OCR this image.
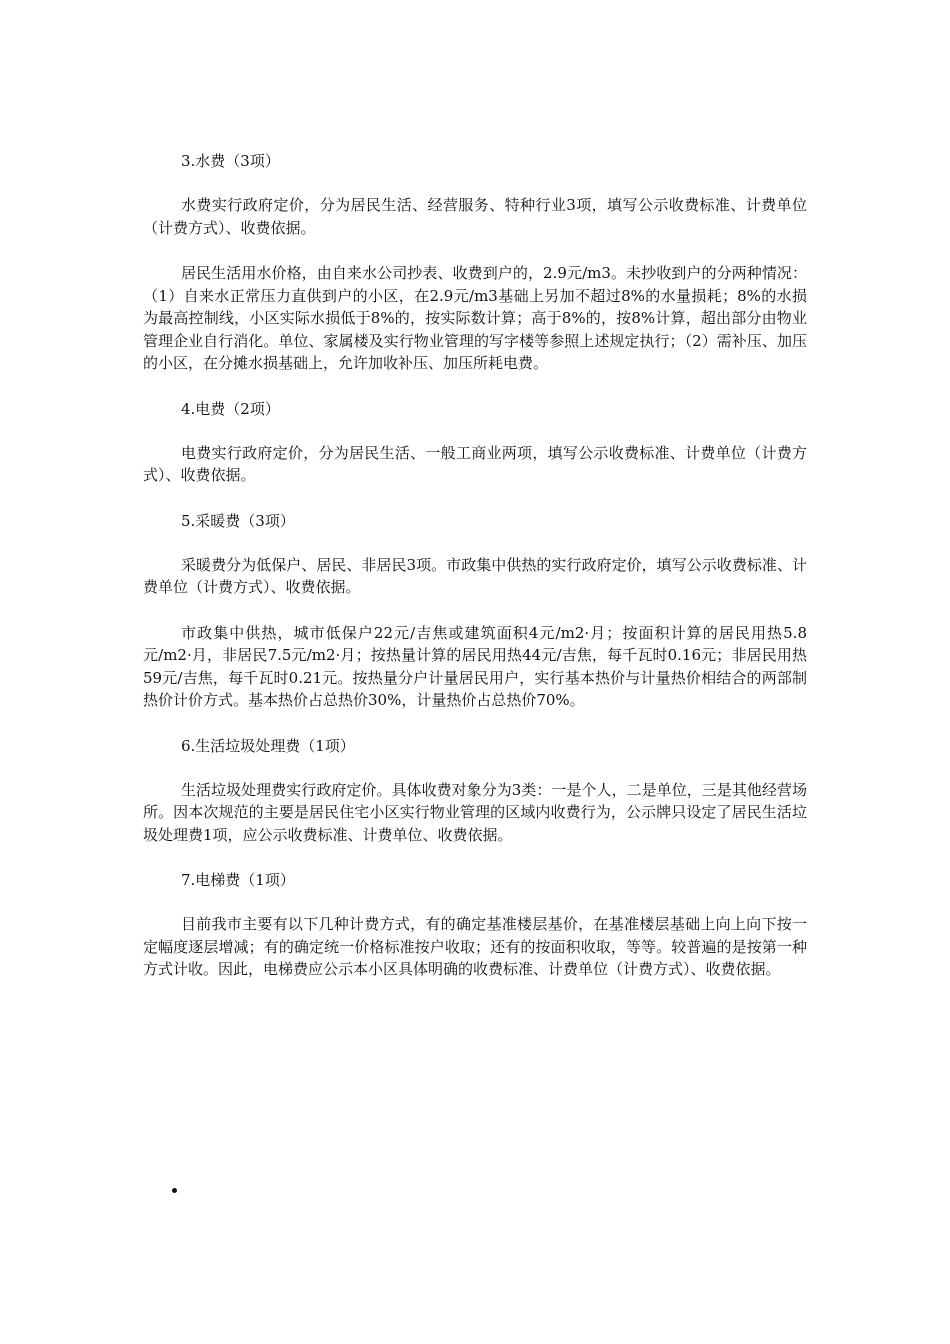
3.水费（3项）

水费实行政府定价，分为居民生活、经营服务、特种行业3项，填写公示收费标准、计费单位（计费方式）、收费依据。

居民生活用水价格，由自来水公司抄表、收费到户的，2.9元/m3。未抄收到户的分两种情况：（1）自来水正常压力直供到户的小区，在2.9元/m3基础上另加不超过8%的水量损耗；8%的水损为最高控制线，小区实际水损低于8%的，按实际数计算；高于8%的，按8%计算，超出部分由物业管理企业自行消化。单位、家属楼及实行物业管理的写字楼等参照上述规定执行；（2）需补压、加压的小区，在分摊水损基础上，允许加收补压、加压所耗电费。

4.电费（2项）

电费实行政府定价，分为居民生活、一般工商业两项，填写公示收费标准、计费单位（计费方式）、收费依据。

5.采暖费（3项）

采暖费分为低保户、居民、非居民3项。市政集中供热的实行政府定价，填写公示收费标准、计费单位（计费方式）、收费依据。

市政集中供热，城市低保户22元/吉焦或建筑面积4元/m2·月；按面积计算的居民用热5.8元/m2·月，非居民7.5元/m2·月；按热量计算的居民用热44元/吉焦，每千瓦时0.16元；非居民用热59元/吉焦，每千瓦时0.21元。按热量分户计量居民用户，实行基本热价与计量热价相结合的两部制热价计价方式。基本热价占总热价30%，计量热价占总热价70%。

6.生活垃圾处理费（1项）

生活垃圾处理费实行政府定价。具体收费对象分为3类：一是个人，二是单位，三是其他经营场所。因本次规范的主要是居民住宅小区实行物业管理的区域内收费行为，公示牌只设定了居民生活垃圾处理费1项，应公示收费标准、计费单位、收费依据。

7.电梯费（1项）

目前我市主要有以下几种计费方式，有的确定基准楼层基价，在基准楼层基础上向上向下按一定幅度逐层增减；有的确定统一价格标准按户收取；还有的按面积收取，等等。较普遍的是按第一种方式计收。因此，电梯费应公示本小区具体明确的收费标准、计费单位（计费方式）、收费依据。
